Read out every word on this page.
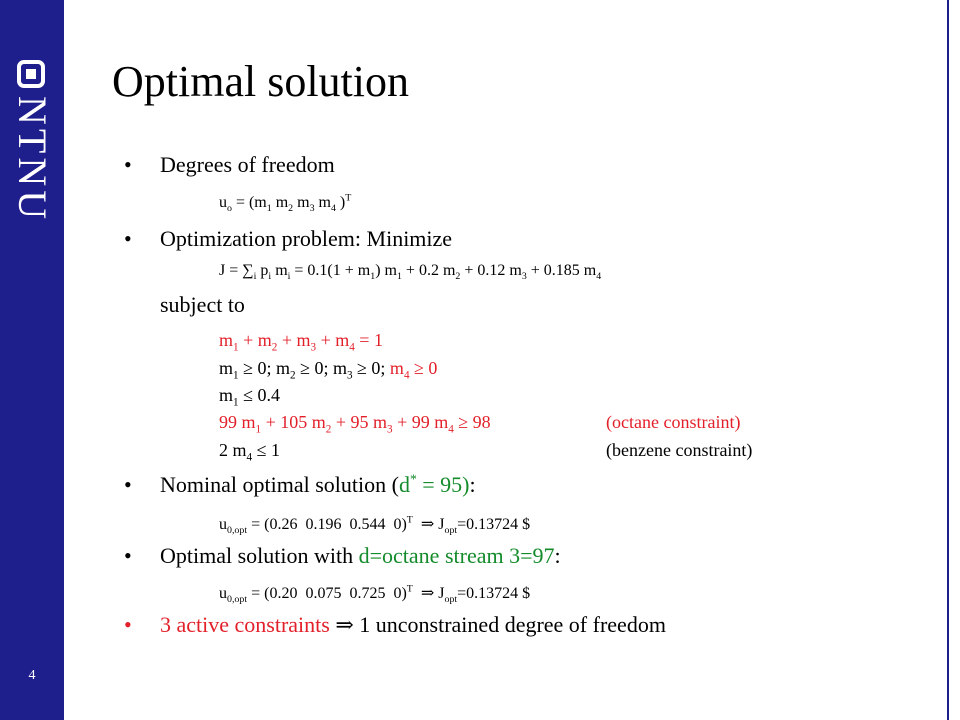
NTNU
4
Optimal solution
• Degrees of freedom
$u_o = (m_1$ $m_2$ $m_3$ $m_4$ )$^T$
• Optimization problem: Minimize
$J = \sum_i$ $p_i$ $m_i = 0.1(1 + m_1) m_1 + 0.2$ $m_2 + 0.12$ $m_3 + 0.185$ $m_4$
subject to
$m_1 + m_2 + m_3 + m_4 = 1$
$m_1 \ge 0$; $m_2 \ge 0$; $m_3 \ge 0$; $m_4 \ge 0$
$m_1 \le 0.4$
99 $m_1 + 105$ $m_2 + 95$ $m_3 + 99$ $m_4 \ge 98$	(octane constraint)
2 $m_4 \le 1$	(benzene constraint)
• Nominal optimal solution (d* = 95):
$u_{0,opt} = (0.26$  0.196  0.544  0)$^T$  ⇒ $J_{opt}=0.13724$ $
• Optimal solution with d=octane stream 3=97:
$u_{0,opt} = (0.20$  0.075  0.725  0)$^T$  ⇒ $J_{opt}=0.13724$ $
• 3 active constraints ⇒ 1 unconstrained degree of freedom
